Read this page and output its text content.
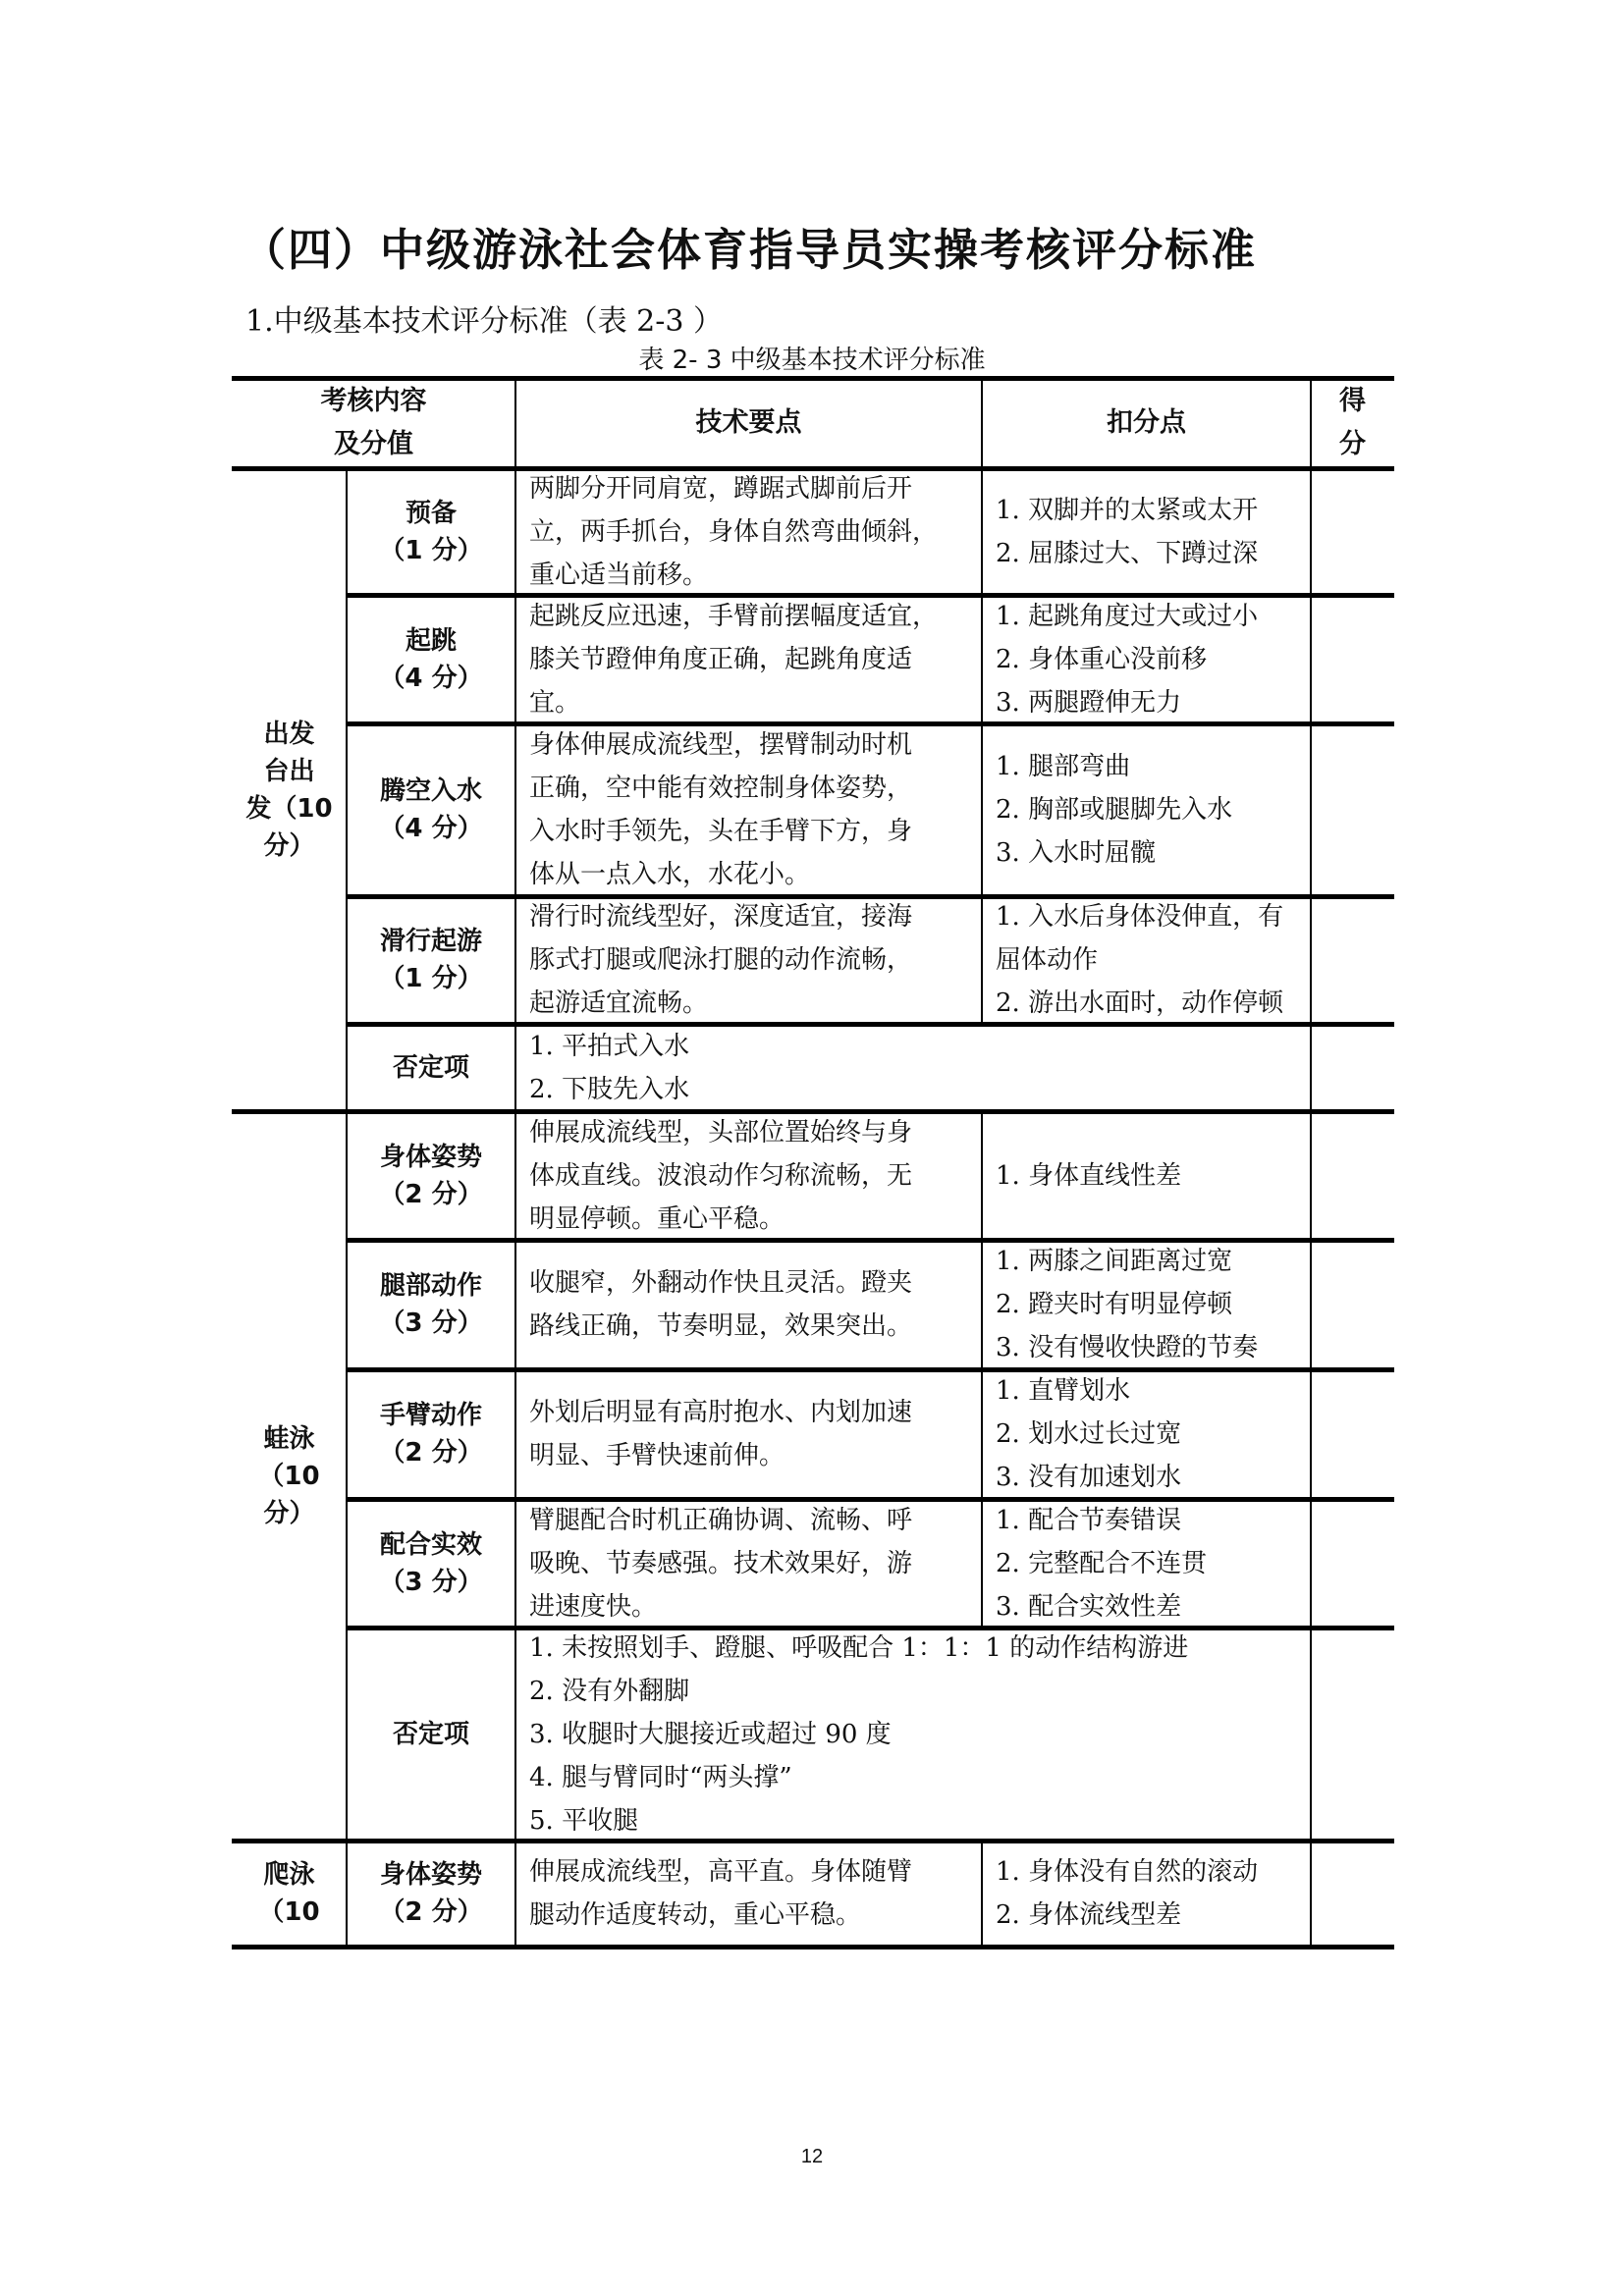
（四）中级游泳社会体育指导员实操考核评分标准
1.中级基本技术评分标准（表 2-3 ）
表 2- 3 中级基本技术评分标准
考核内容
及分值
技术要点	扣分点
得
分
出发
台出
发（10
分）
预备
（1 分）
两脚分开同肩宽，蹲踞式脚前后开
立，两手抓台，身体自然弯曲倾斜，
重心适当前移。
1. 双脚并的太紧或太开
2. 屈膝过大、下蹲过深
起跳
（4 分）
起跳反应迅速，手臂前摆幅度适宜，
膝关节蹬伸角度正确，起跳角度适
宜。
1. 起跳角度过大或过小
2. 身体重心没前移
3. 两腿蹬伸无力
腾空入水
（4 分）
身体伸展成流线型，摆臂制动时机
正确，空中能有效控制身体姿势，
入水时手领先，头在手臂下方，身
体从一点入水，水花小。
1. 腿部弯曲
2. 胸部或腿脚先入水
3. 入水时屈髋
滑行起游
（1 分）
滑行时流线型好，深度适宜，接海
豚式打腿或爬泳打腿的动作流畅，
起游适宜流畅。
1. 入水后身体没伸直，有
屈体动作
2. 游出水面时，动作停顿
否定项
1. 平拍式入水
2. 下肢先入水
蛙泳
（10
分）
身体姿势
（2 分）
伸展成流线型，头部位置始终与身
体成直线。波浪动作匀称流畅，无
明显停顿。重心平稳。
1. 身体直线性差
腿部动作
（3 分）
收腿窄，外翻动作快且灵活。蹬夹
路线正确，节奏明显，效果突出。
1. 两膝之间距离过宽
2. 蹬夹时有明显停顿
3. 没有慢收快蹬的节奏
手臂动作
（2 分）
外划后明显有高肘抱水、内划加速
明显、手臂快速前伸。
1. 直臂划水
2. 划水过长过宽
3. 没有加速划水
配合实效
（3 分）
臂腿配合时机正确协调、流畅、呼
吸晚、节奏感强。技术效果好，游
进速度快。
1. 配合节奏错误
2. 完整配合不连贯
3. 配合实效性差
否定项
1. 未按照划手、蹬腿、呼吸配合 1：1：1 的动作结构游进
2. 没有外翻脚
3. 收腿时大腿接近或超过 90 度
4. 腿与臂同时“两头撑”
5. 平收腿
爬泳
（10
身体姿势
（2 分）
伸展成流线型，高平直。身体随臂
腿动作适度转动，重心平稳。
1. 身体没有自然的滚动
2. 身体流线型差
12
